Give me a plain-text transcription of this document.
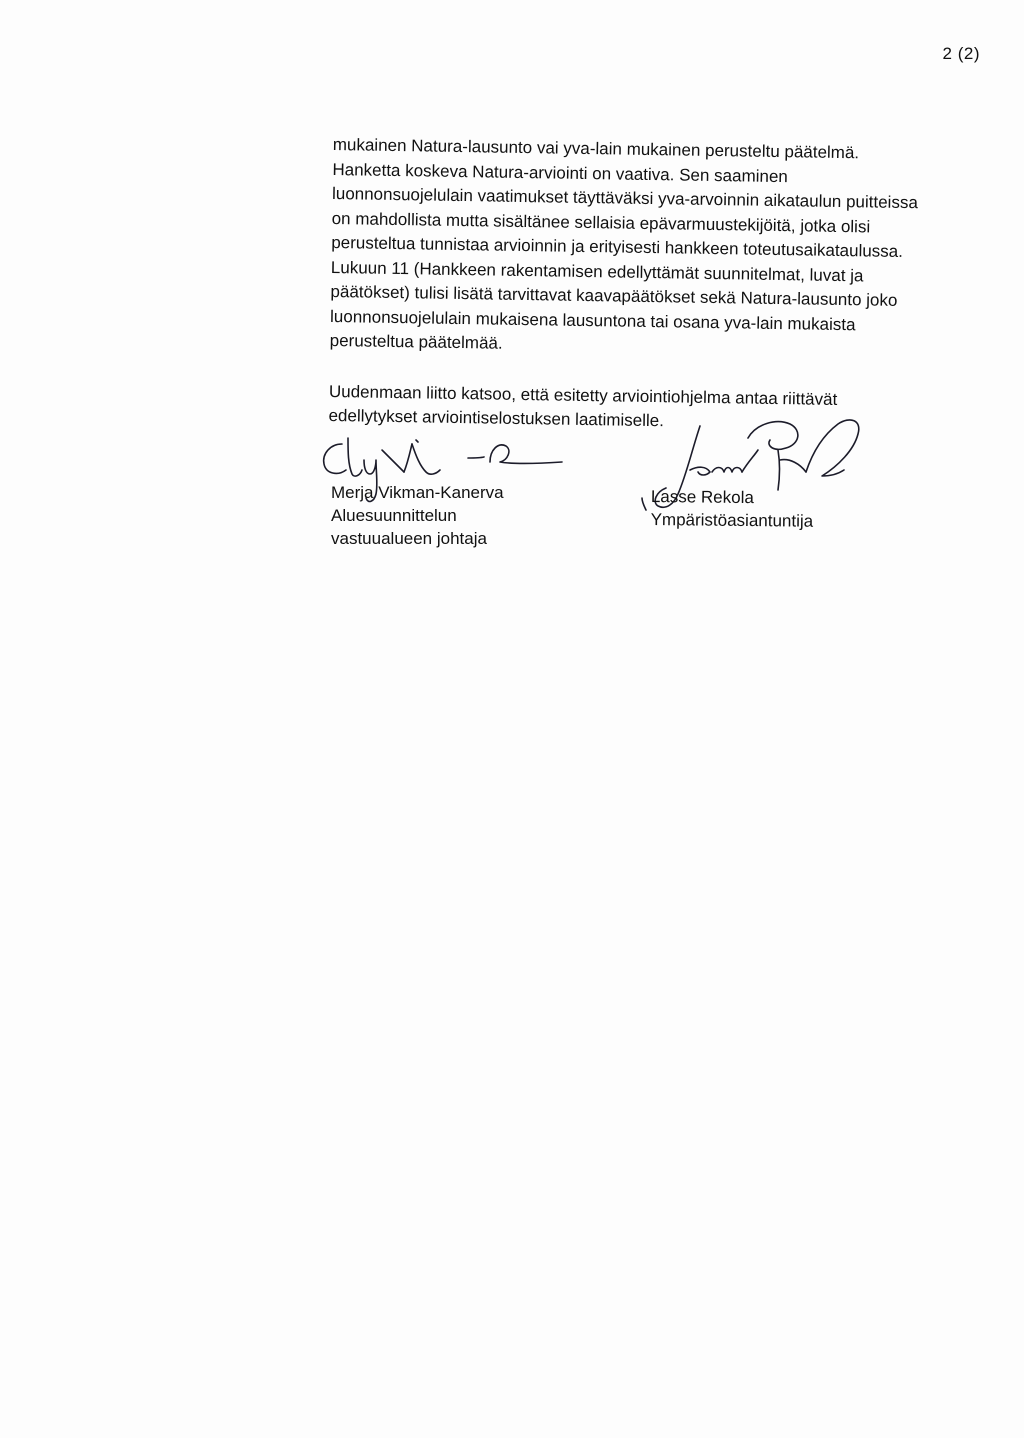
2 (2)

mukainen Natura-lausunto vai yva-lain mukainen perusteltu päätelmä.
Hanketta koskeva Natura-arviointi on vaativa. Sen saaminen
luonnonsuojelulain vaatimukset täyttäväksi yva-arvoinnin aikataulun puitteissa
on mahdollista mutta sisältänee sellaisia epävarmuustekijöitä, jotka olisi
perusteltua tunnistaa arvioinnin ja erityisesti hankkeen toteutusaikataulussa.
Lukuun 11 (Hankkeen rakentamisen edellyttämät suunnitelmat, luvat ja
päätökset) tulisi lisätä tarvittavat kaavapäätökset sekä Natura-lausunto joko
luonnonsuojelulain mukaisena lausuntona tai osana yva-lain mukaista
perusteltua päätelmää.

Uudenmaan liitto katsoo, että esitetty arviointiohjelma antaa riittävät
edellytykset arviointiselostuksen laatimiselle.

Merja Vikman-Kanerva
Aluesuunnittelun
vastuualueen johtaja
Lasse Rekola
Ympäristöasiantuntija
